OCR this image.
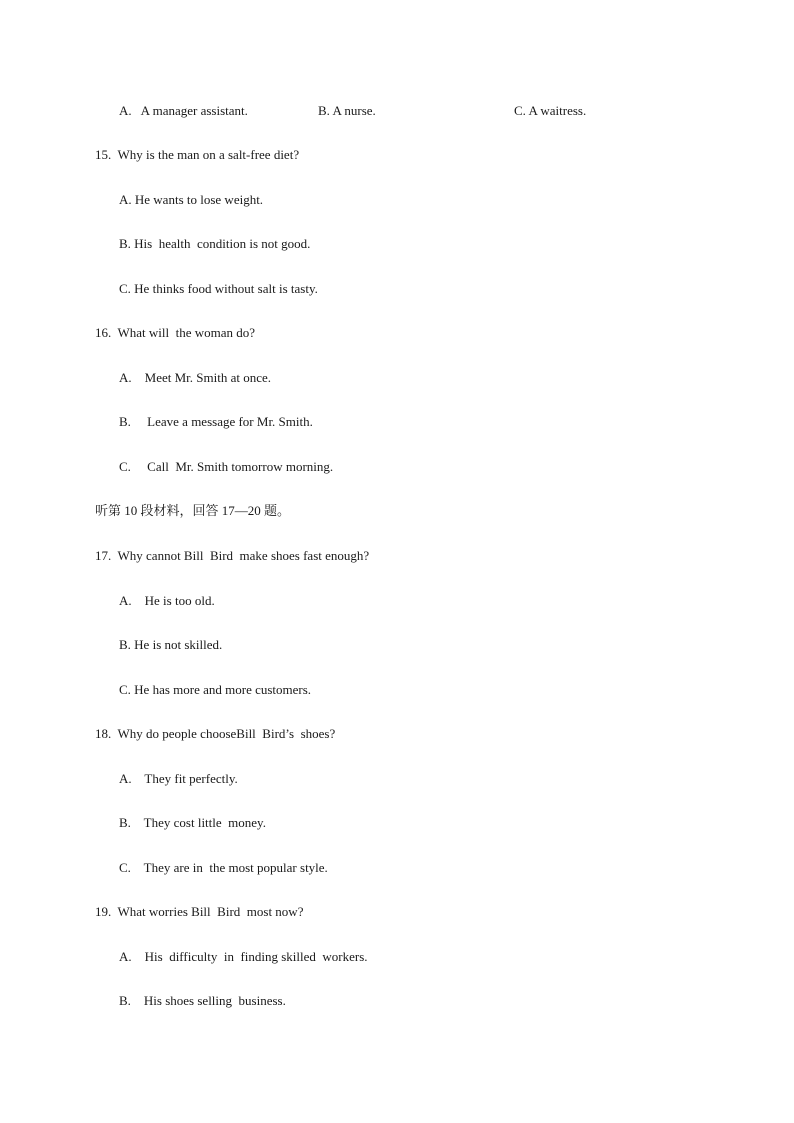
A.   A manager assistant.	B. A nurse.	C. A waitress.
15.  Why is the man on a salt-free diet?
A. He wants to lose weight.
B. His  health  condition is not good.
C. He thinks food without salt is tasty.
16.  What will  the woman do?
A.    Meet Mr. Smith at once.
B.     Leave a message for Mr. Smith.
C.     Call  Mr. Smith tomorrow morning.
听第 10 段材料，回答 17—20 题。
17.  Why cannot Bill  Bird  make shoes fast enough?
A.    He is too old.
B. He is not skilled.
C. He has more and more customers.
18.  Why do people chooseBill  Bird’s  shoes?
A.    They fit perfectly.
B.    They cost little  money.
C.    They are in  the most popular style.
19.  What worries Bill  Bird  most now?
A.    His  difficulty  in  finding skilled  workers.
B.    His shoes selling  business.
